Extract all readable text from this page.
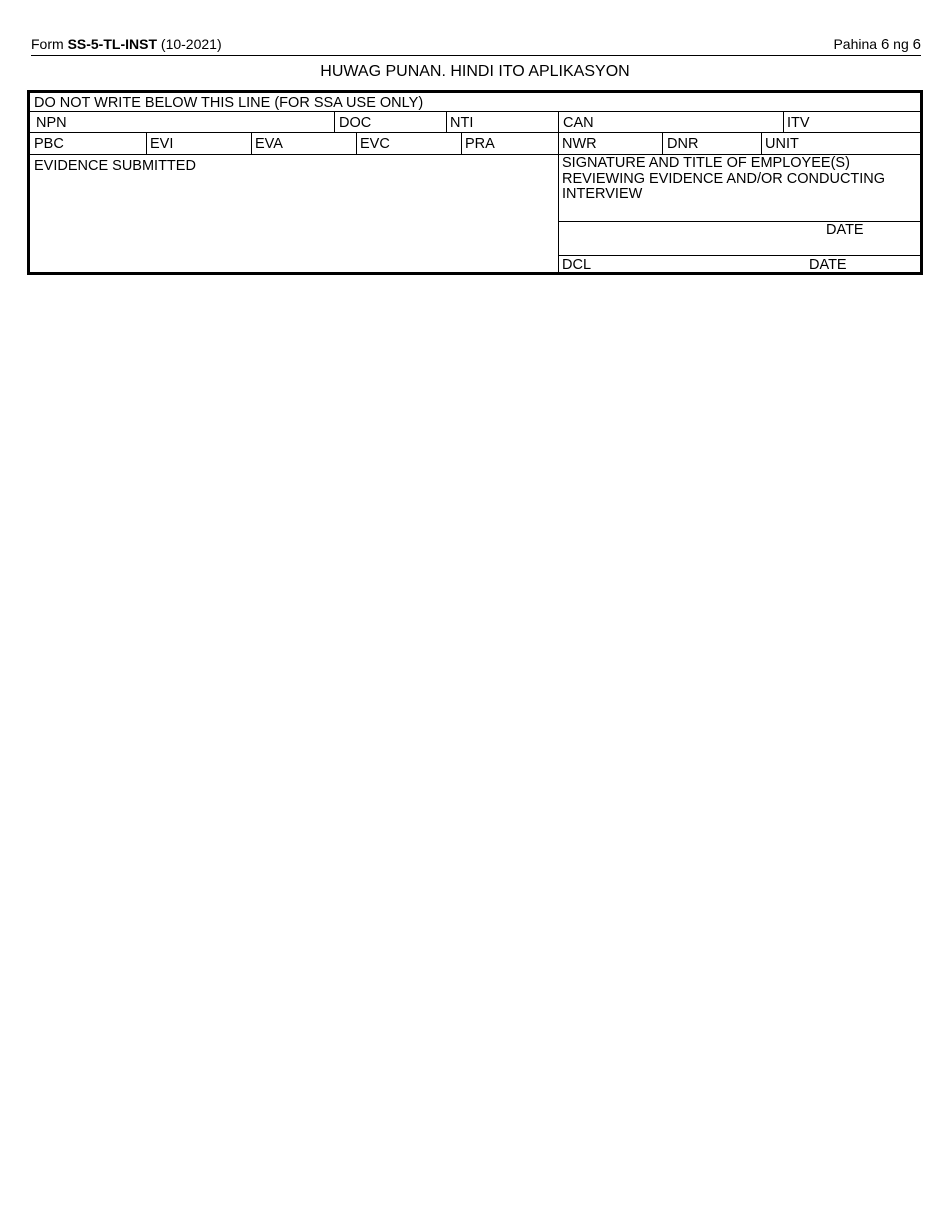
Form SS-5-TL-INST (10-2021)	Pahina 6 ng 6
HUWAG PUNAN. HINDI ITO APLIKASYON
DO NOT WRITE BELOW THIS LINE (FOR SSA USE ONLY)
NPN	DOC	NTI	CAN	ITV
PBC	EVI	EVA	EVC	PRA	NWR	DNR	UNIT
EVIDENCE SUBMITTED	SIGNATURE AND TITLE OF EMPLOYEE(S) REVIEWING EVIDENCE AND/OR CONDUCTING INTERVIEW
DATE
DCL	DATE
